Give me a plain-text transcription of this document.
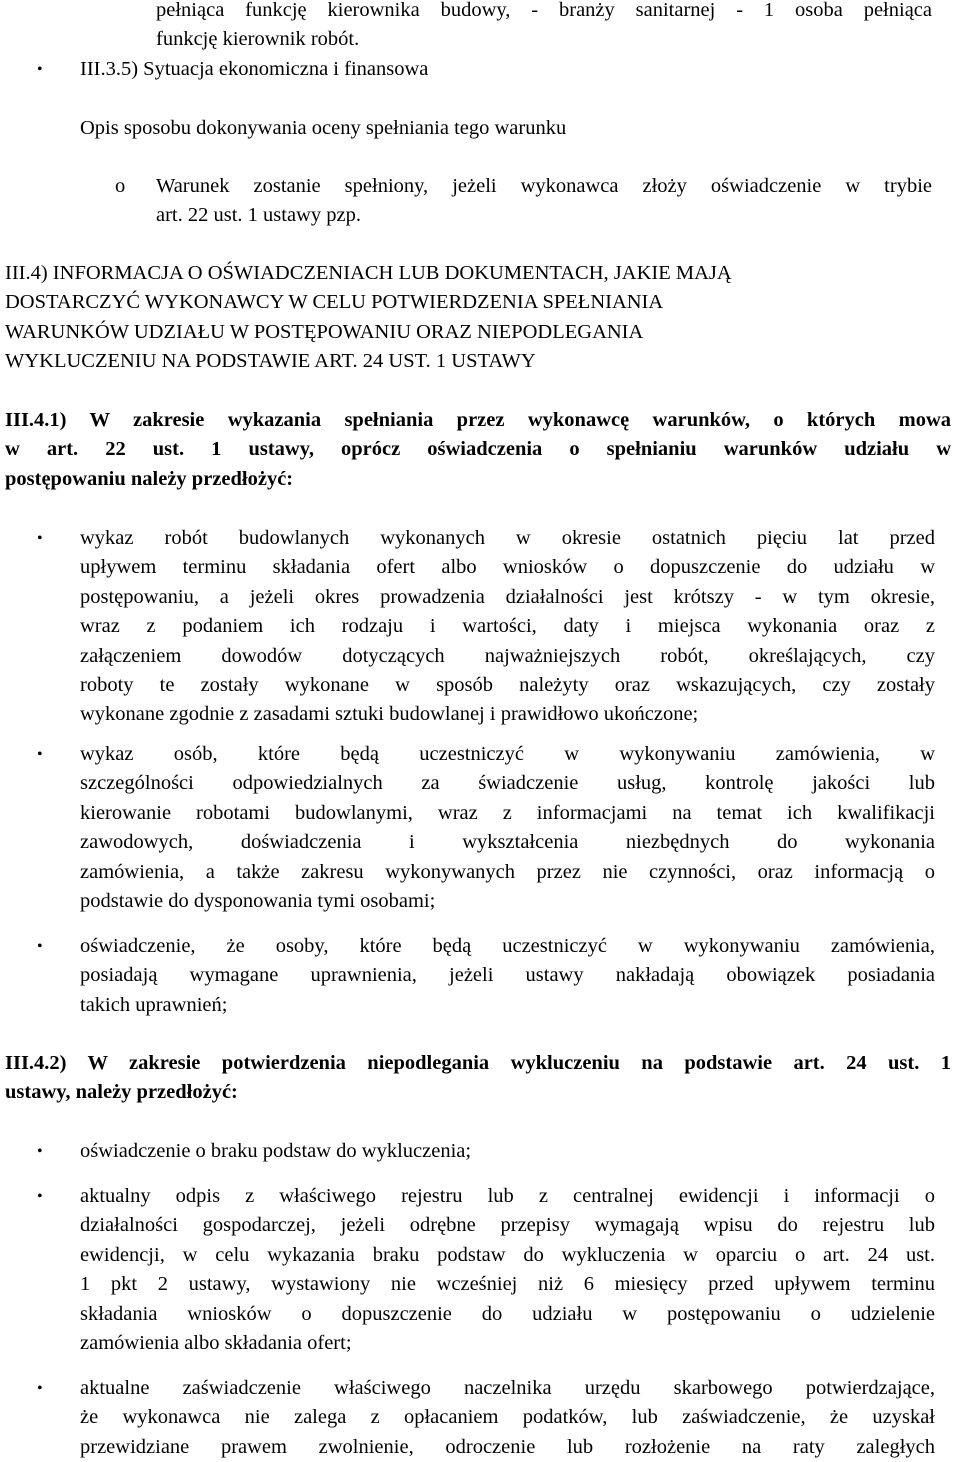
pełniąca funkcję kierownika budowy, - branży sanitarnej - 1 osoba pełniąca
funkcję kierownik robót.
• III.3.5) Sytuacja ekonomiczna i finansowa
Opis sposobu dokonywania oceny spełniania tego warunku
o Warunek zostanie spełniony, jeżeli wykonawca złoży oświadczenie w trybie
art. 22 ust. 1 ustawy pzp.
III.4) INFORMACJA O OŚWIADCZENIACH LUB DOKUMENTACH, JAKIE MAJĄ
DOSTARCZYĆ WYKONAWCY W CELU POTWIERDZENIA SPEŁNIANIA
WARUNKÓW UDZIAŁU W POSTĘPOWANIU ORAZ NIEPODLEGANIA
WYKLUCZENIU NA PODSTAWIE ART. 24 UST. 1 USTAWY
III.4.1) W zakresie wykazania spełniania przez wykonawcę warunków, o których mowa
w art. 22 ust. 1 ustawy, oprócz oświadczenia o spełnianiu warunków udziału w
postępowaniu należy przedłożyć:
• wykaz robót budowlanych wykonanych w okresie ostatnich pięciu lat przed
upływem terminu składania ofert albo wniosków o dopuszczenie do udziału w
postępowaniu, a jeżeli okres prowadzenia działalności jest krótszy - w tym okresie,
wraz z podaniem ich rodzaju i wartości, daty i miejsca wykonania oraz z
załączeniem dowodów dotyczących najważniejszych robót, określających, czy
roboty te zostały wykonane w sposób należyty oraz wskazujących, czy zostały
wykonane zgodnie z zasadami sztuki budowlanej i prawidłowo ukończone;
• wykaz osób, które będą uczestniczyć w wykonywaniu zamówienia, w
szczególności odpowiedzialnych za świadczenie usług, kontrolę jakości lub
kierowanie robotami budowlanymi, wraz z informacjami na temat ich kwalifikacji
zawodowych, doświadczenia i wykształcenia niezbędnych do wykonania
zamówienia, a także zakresu wykonywanych przez nie czynności, oraz informacją o
podstawie do dysponowania tymi osobami;
• oświadczenie, że osoby, które będą uczestniczyć w wykonywaniu zamówienia,
posiadają wymagane uprawnienia, jeżeli ustawy nakładają obowiązek posiadania
takich uprawnień;
III.4.2) W zakresie potwierdzenia niepodlegania wykluczeniu na podstawie art. 24 ust. 1
ustawy, należy przedłożyć:
• oświadczenie o braku podstaw do wykluczenia;
• aktualny odpis z właściwego rejestru lub z centralnej ewidencji i informacji o
działalności gospodarczej, jeżeli odrębne przepisy wymagają wpisu do rejestru lub
ewidencji, w celu wykazania braku podstaw do wykluczenia w oparciu o art. 24 ust.
1 pkt 2 ustawy, wystawiony nie wcześniej niż 6 miesięcy przed upływem terminu
składania wniosków o dopuszczenie do udziału w postępowaniu o udzielenie
zamówienia albo składania ofert;
• aktualne zaświadczenie właściwego naczelnika urzędu skarbowego potwierdzające,
że wykonawca nie zalega z opłacaniem podatków, lub zaświadczenie, że uzyskał
przewidziane prawem zwolnienie, odroczenie lub rozłożenie na raty zaległych
